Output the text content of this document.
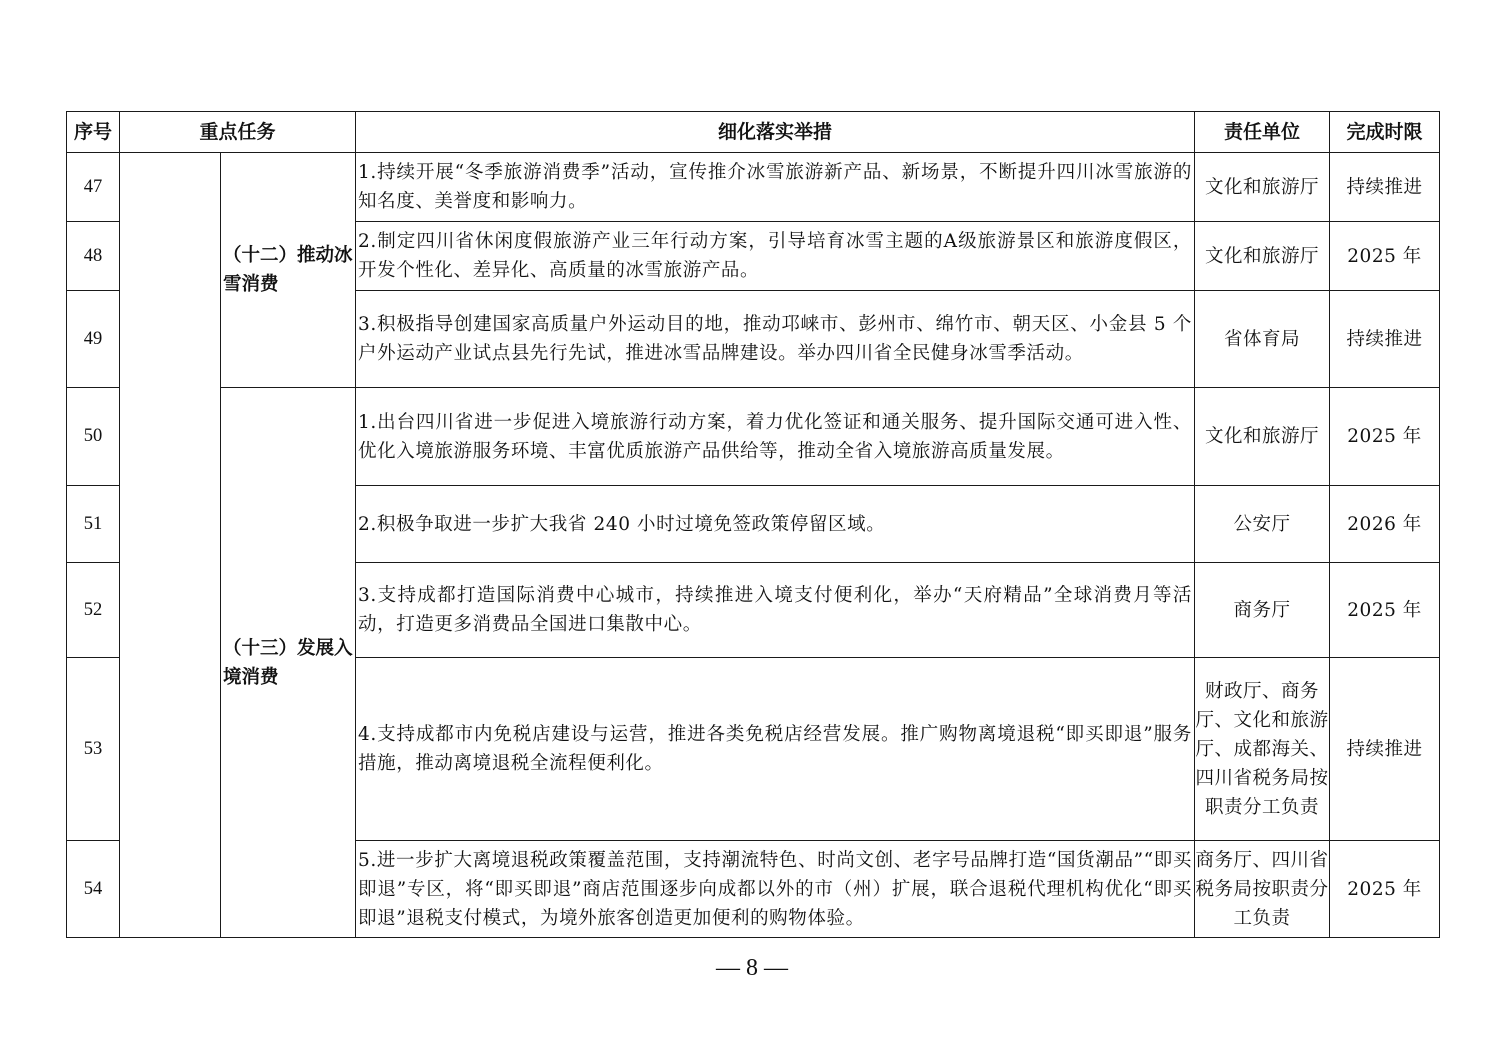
序号	重点任务		细化落实举措	责任单位	完成时限
47		（十二）推动冰雪消费	1.持续开展“冬季旅游消费季”活动，宣传推介冰雪旅游新产品、新场景，不断提升四川冰雪旅游的知名度、美誉度和影响力。	文化和旅游厅	持续推进
48			2.制定四川省休闲度假旅游产业三年行动方案，引导培育冰雪主题的A级旅游景区和旅游度假区，开发个性化、差异化、高质量的冰雪旅游产品。	文化和旅游厅	2025 年
49			3.积极指导创建国家高质量户外运动目的地，推动邛崃市、彭州市、绵竹市、朝天区、小金县 5 个户外运动产业试点县先行先试，推进冰雪品牌建设。举办四川省全民健身冰雪季活动。	省体育局	持续推进
50		（十三）发展入境消费	1.出台四川省进一步促进入境旅游行动方案，着力优化签证和通关服务、提升国际交通可进入性、优化入境旅游服务环境、丰富优质旅游产品供给等，推动全省入境旅游高质量发展。	文化和旅游厅	2025 年
51			2.积极争取进一步扩大我省 240 小时过境免签政策停留区域。	公安厅	2026 年
52			3.支持成都打造国际消费中心城市，持续推进入境支付便利化，举办“天府精品”全球消费月等活动，打造更多消费品全国进口集散中心。	商务厅	2025 年
53			4.支持成都市内免税店建设与运营，推进各类免税店经营发展。推广购物离境退税“即买即退”服务措施，推动离境退税全流程便利化。	财政厅、商务厅、文化和旅游厅、成都海关、四川省税务局按职责分工负责	持续推进
54			5.进一步扩大离境退税政策覆盖范围，支持潮流特色、时尚文创、老字号品牌打造“国货潮品”“即买即退”专区，将“即买即退”商店范围逐步向成都以外的市（州）扩展，联合退税代理机构优化“即买即退”退税支付模式，为境外旅客创造更加便利的购物体验。	商务厅、四川省税务局按职责分工负责	2025 年
— 8 —
